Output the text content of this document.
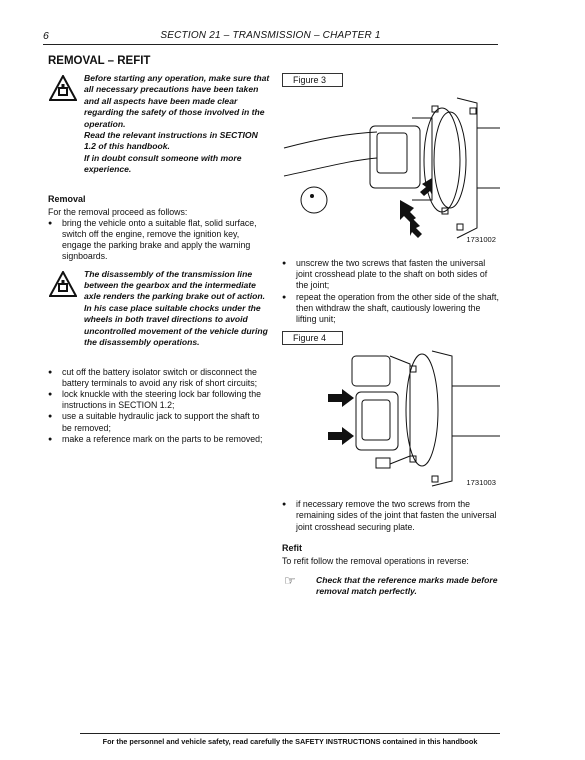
6	SECTION 21 – TRANSMISSION – CHAPTER 1
REMOVAL – REFIT

Before starting any operation, make sure that all necessary precautions have been taken and all aspects have been made clear regarding the safety of those involved in the operation.

Read the relevant instructions in SECTION 1.2 of this handbook.

If in doubt consult someone with more experience.

Removal

For the removal proceed as follows:

● bring the vehicle onto a suitable flat, solid surface, switch off the engine, remove the ignition key, engage the parking brake and apply the warning signboards.

The disassembly of the transmission line between the gearbox and the intermediate axle renders the parking brake out of action.

In his case place suitable chocks under the wheels in both travel directions to avoid uncontrolled movement of the vehicle during the disassembly operations.

● cut off the battery isolator switch or disconnect the battery terminals to avoid any risk of short circuits;
● lock knuckle with the steering lock bar following the instructions in SECTION 1.2;
● use a suitable hydraulic jack to support the shaft to be removed;
● make a reference mark on the parts to be removed;
Figure 3
1731002
● unscrew the two screws that fasten the universal joint crosshead plate to the shaft on both sides of the joint;
● repeat the operation from the other side of the shaft, then withdraw the shaft, cautiously lowering the lifting unit;
Figure 4
1731003
● if necessary remove the two screws from the remaining sides of the joint that fasten the universal joint crosshead securing plate.
Refit

To refit follow the removal operations in reverse:

☞ Check that the reference marks made before removal match perfectly.
For the personnel and vehicle safety, read carefully the SAFETY INSTRUCTIONS contained in this handbook
